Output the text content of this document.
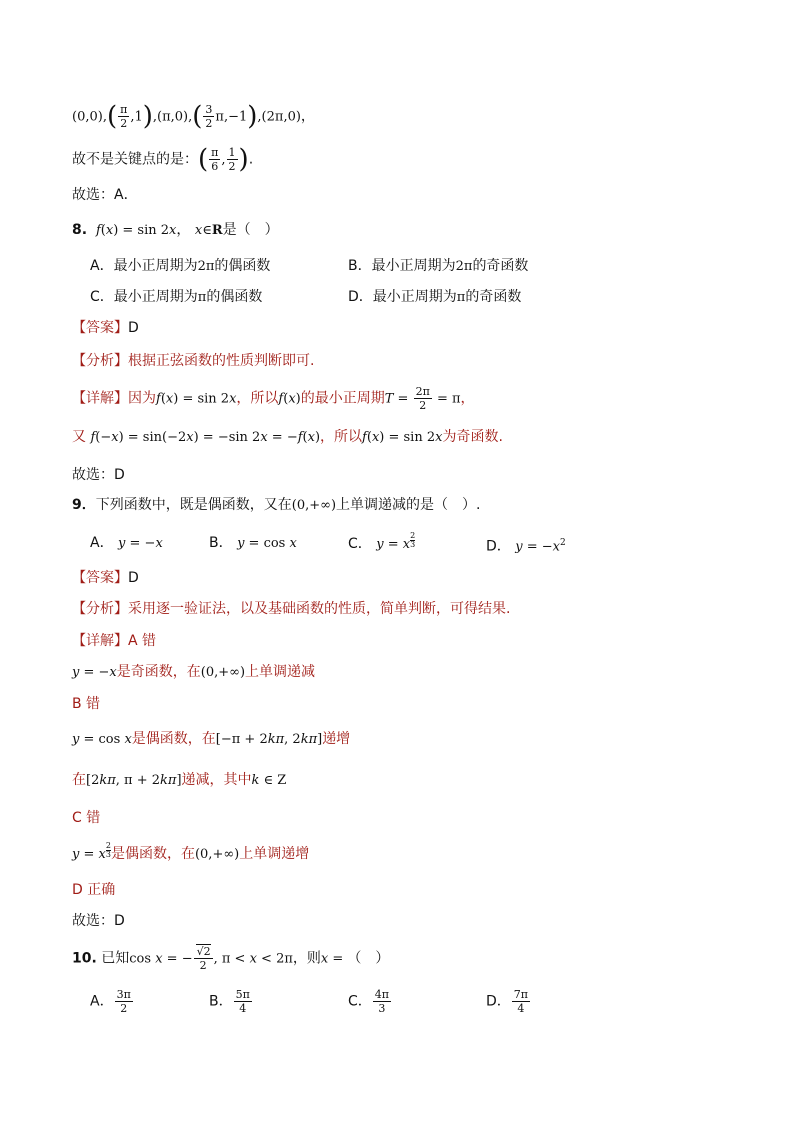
$(0,0),( \frac{\pi}{2} ,1),(\pi,0),( \frac{3}{2} \pi,-1),(2\pi,0)$，
故不是关键点的是：( $\frac{\pi}{6}$ , $\frac{1}{2}$ ).
故选：A．
8. f(x) = sin 2x， x∈R是（　）
A．最小正周期为2π的偶函数	B．最小正周期为2π的奇函数
C．最小正周期为π的偶函数	D．最小正周期为π的奇函数
【答案】D
【分析】根据正弦函数的性质判断即可.
【详解】因为f(x) = sin 2x，所以f(x)的最小正周期$T = \frac{2\pi}{2} = \pi$，
又 f(−x) = sin(−2x) = −sin 2x = −f(x)，所以f(x) = sin 2x为奇函数.
故选：D
9．下列函数中，既是偶函数，又在(0,+∞)上单调递减的是（　）.
A． y = −x	B． y = cos x	C． y = x $\frac{2}{3}$	D． $y = -x^2$
【答案】D
【分析】采用逐一验证法，以及基础函数的性质，简单判断，可得结果.
【详解】A 错
y = −x是奇函数，在(0,+∞)上单调递减
B 错
y = cos x是偶函数，在[−π + 2kπ, 2kπ]递增
在[2kπ, π + 2kπ]递减，其中k ∈ Z
C 错
y = x $\frac{2}{3}$ 是偶函数，在(0,+∞)上单调递增
D 正确
故选：D
10. 已知cos x = − $\frac{√2}{2}$ , π < x < 2π，则x = （　）
A． $\frac{3\pi}{2}$	B． $\frac{5\pi}{4}$	C． $\frac{4\pi}{3}$	D． $\frac{7\pi}{4}$
